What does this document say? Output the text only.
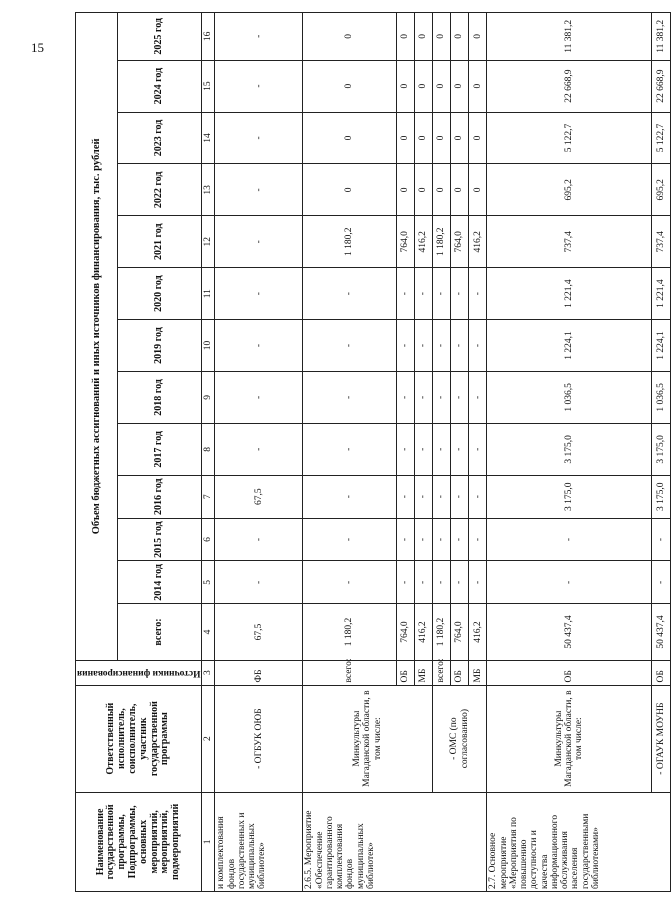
15
Наименование государственной программы, Подпрограммы, основных мероприятий, мероприятий, подмероприятий	Ответственный исполнитель, соисполнитель, участник государственной программы	Источники финансирования	Объем бюджетных ассигнований и иных источников финансирования, тыс. рублей												
			всего:	2014 год	2015 год	2016 год	2017 год	2018 год	2019 год	2020 год	2021 год	2022 год	2023 год	2024 год	2025 год
1	2	3	4	5	6	7	8	9	10	11	12	13	14	15	16
и комплектования фондов государственных и муниципальных библиотек»	- ОГБУК ОЮБ	ФБ	67,5	-	-	67,5	-	-	-	-	-	-	-	-	-
2.6.5. Мероприятие «Обеспечение гарантированного комплектования фондов муниципальных библиотек»	Минкультуры Магаданской области, в том числе:	всего:	1 180,2	-	-	-	-	-	-	-	1 180,2	0	0	0	0
		ОБ	764,0	-	-	-	-	-	-	-	764,0	0	0	0	0
		МБ	416,2	-	-	-	-	-	-	-	416,2	0	0	0	0
	- ОМС (по согласованию)	всего:	1 180,2	-	-	-	-	-	-	-	1 180,2	0	0	0	0
		ОБ	764,0	-	-	-	-	-	-	-	764,0	0	0	0	0
		МБ	416,2	-	-	-	-	-	-	-	416,2	0	0	0	0
2.7. Основное мероприятие «Мероприятия по повышению доступности и качества информационного обслуживания населения государственными библиотеками»	Минкультуры Магаданской области, в том числе:	ОБ	50 437,4	-	-	3 175,0	3 175,0	1 036,5	1 224,1	1 221,4	737,4	695,2	5 122,7	22 668,9	11 381,2
	- ОГАУК МОУНБ	ОБ	50 437,4	-	-	3 175,0	3 175,0	1 036,5	1 224,1	1 221,4	737,4	695,2	5 122,7	22 668,9	11 381,2
